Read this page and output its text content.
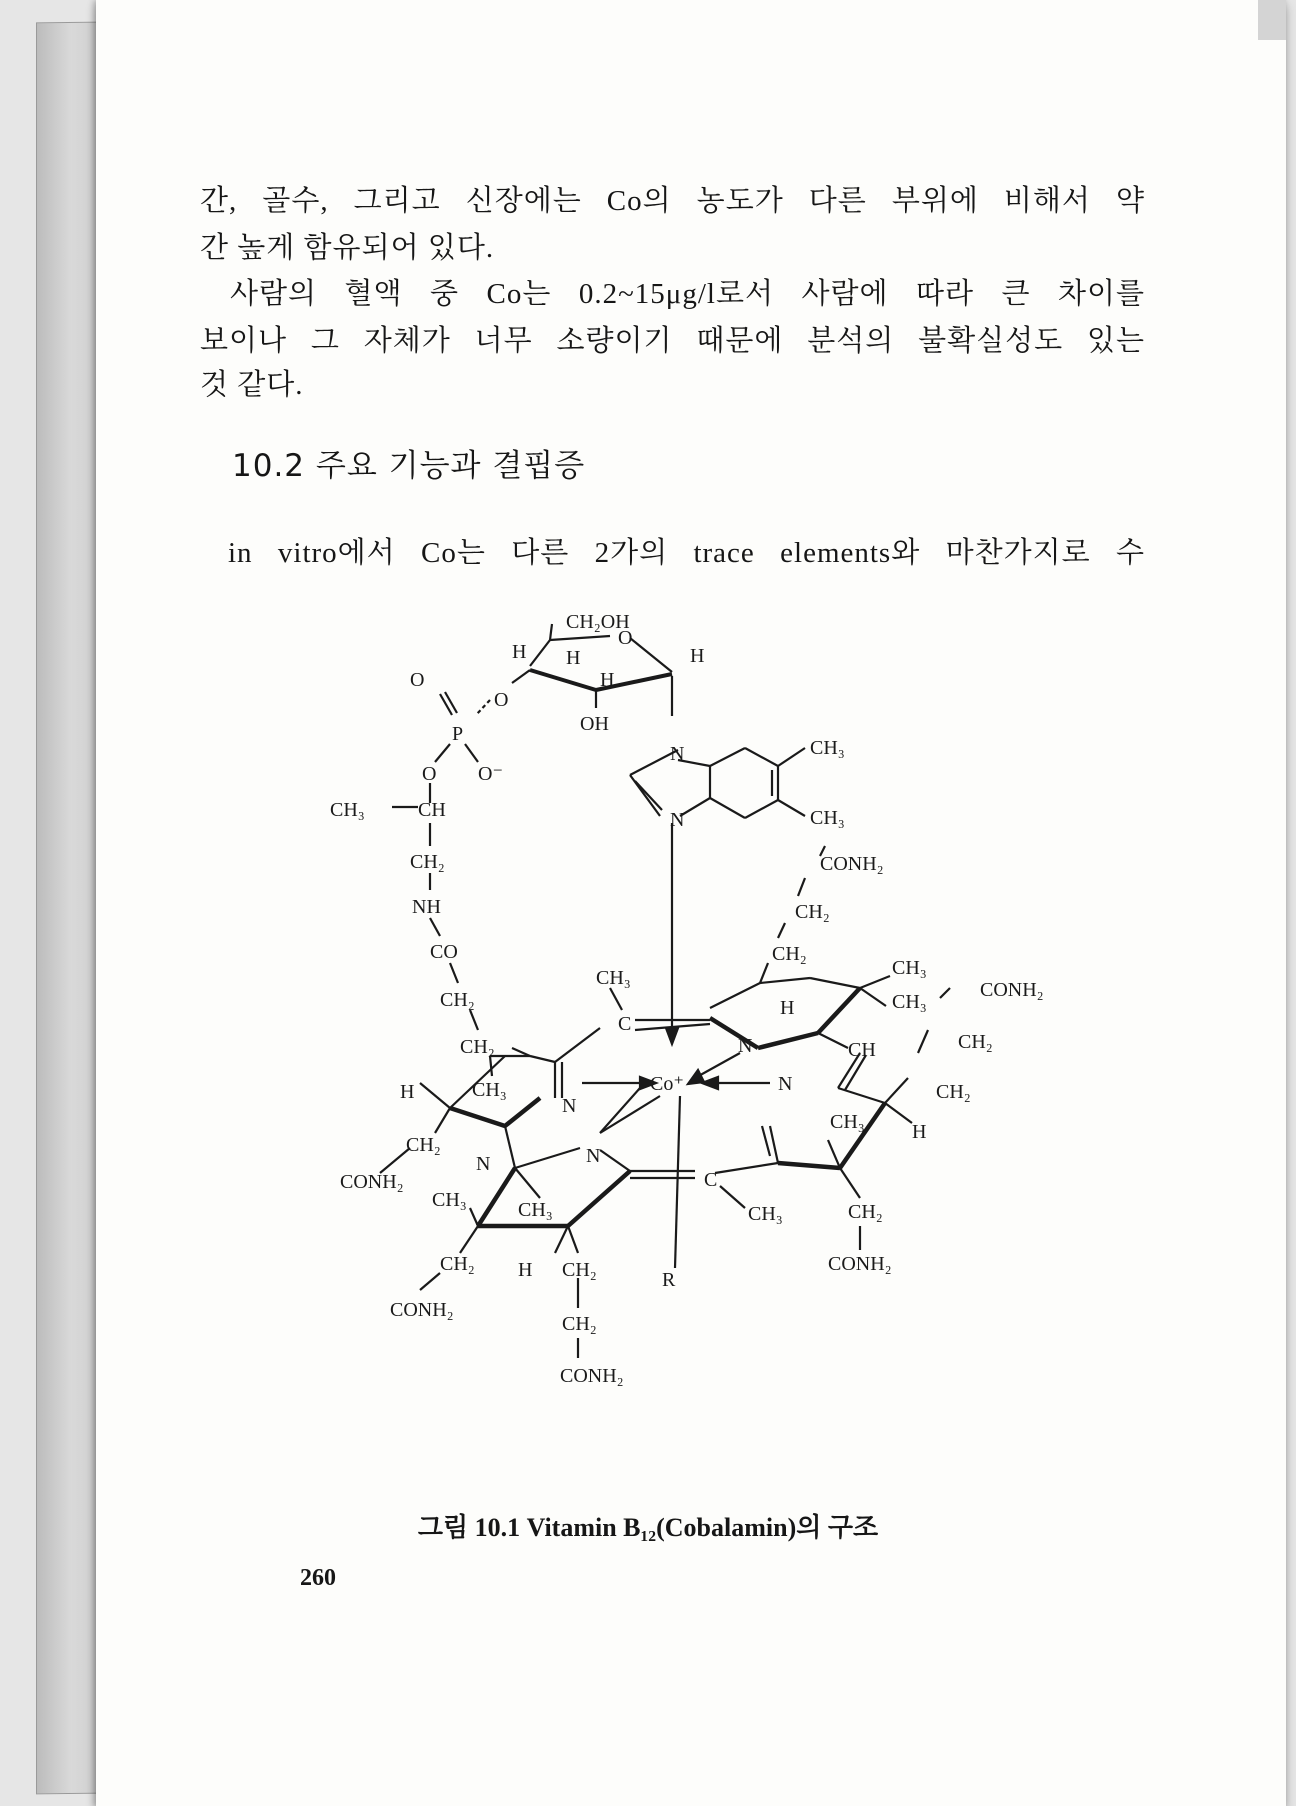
간, 골수, 그리고 신장에는 Co의 농도가 다른 부위에 비해서 약
간 높게 함유되어 있다.
사람의 혈액 중 Co는 0.2~15μg/l로서 사람에 따라 큰 차이를
보이나 그 자체가 너무 소량이기 때문에 분석의 불확실성도 있는
것 같다.
10.2 주요 기능과 결핍증
in vitro에서 Co는 다른 2가의 trace elements와 마찬가지로 수
CH₂OH
O
H H
H
H
OH
O
P
O
O⁻
O
CH₃	CH
CH₂
NH
CO
CH₂
CH₂
N
N
CH₃
CH₃
CONH₂
CH₂
CH₂
CH₃
CH₃
H
CONH₂
CH₂
CH₂
CH₃
C
N	CH
H	CH₃
N
Co⁺	N
CH₃ H
CH₂
N	N
CONH₂
CH₃	CH₃
C
CH₃	CH₂
CONH₂
CH₂ H CH₂	R
CONH₂
CH₂
CONH₂
그림 10.1 Vitamin B₁₂(Cobalamin)의 구조
260
